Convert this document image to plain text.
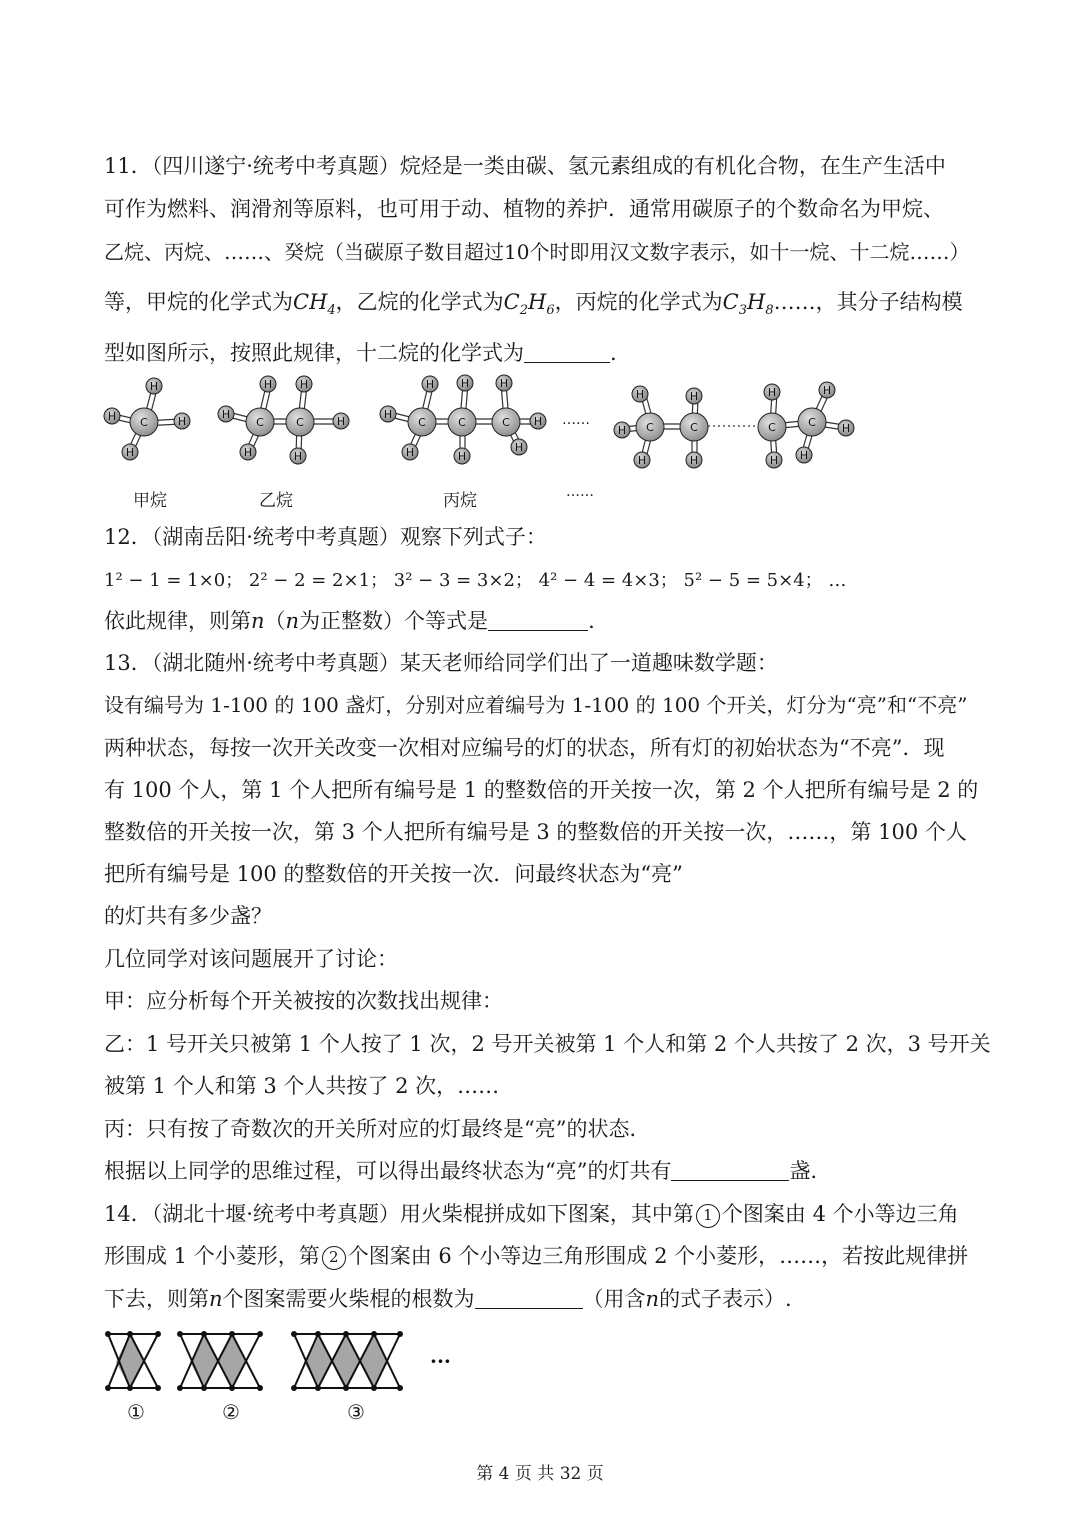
11．（四川遂宁·统考中考真题）烷烃是一类由碳、氢元素组成的有机化合物，在生产生活中

可作为燃料、润滑剂等原料，也可用于动、植物的养护．通常用碳原子的个数命名为甲烷、

乙烷、丙烷、……、癸烷（当碳原子数目超过10个时即用汉文数字表示，如十一烷、十二烷……）

等，甲烷的化学式为$CH_4$，乙烷的化学式为$C_2H_6$，丙烷的化学式为$C_3H_8\dots\dots$，其分子结构模

型如图所示，按照此规律，十二烷的化学式为	.

C
H
H
H
H
C	C
H
H
H
H
H
H
C	C	C
H
H
H
H
H
H
H
H
C	C	C	C
H
H
H
H
H
H
H
H
H
H
……
……
甲烷	乙烷	丙烷

12．（湖南岳阳·统考中考真题）观察下列式子：

1² − 1 = 1×0； 2² − 2 = 2×1； 3² − 3 = 3×2； 4² − 4 = 4×3； 5² − 5 = 5×4； …

依此规律，则第n（n为正整数）个等式是	.

13．（湖北随州·统考中考真题）某天老师给同学们出了一道趣味数学题：

设有编号为 1-100 的 100 盏灯，分别对应着编号为 1-100 的 100 个开关，灯分为“亮”和“不亮”

两种状态，每按一次开关改变一次相对应编号的灯的状态，所有灯的初始状态为“不亮”．现

有 100 个人，第 1 个人把所有编号是 1 的整数倍的开关按一次，第 2 个人把所有编号是 2 的

整数倍的开关按一次，第 3 个人把所有编号是 3 的整数倍的开关按一次，……，第 100 个人

把所有编号是 100 的整数倍的开关按一次．问最终状态为“亮”

的灯共有多少盏？

几位同学对该问题展开了讨论：

甲：应分析每个开关被按的次数找出规律：

乙：1 号开关只被第 1 个人按了 1 次，2 号开关被第 1 个人和第 2 个人共按了 2 次，3 号开关

被第 1 个人和第 3 个人共按了 2 次，……

丙：只有按了奇数次的开关所对应的灯最终是“亮”的状态．

根据以上同学的思维过程，可以得出最终状态为“亮”的灯共有	盏．

14．（湖北十堰·统考中考真题）用火柴棍拼成如下图案，其中第 1 个图案由 4 个小等边三角

形围成 1 个小菱形，第 2 个图案由 6 个小等边三角形围成 2 个小菱形，……，若按此规律拼

下去，则第n个图案需要火柴棍的根数为	（用含n的式子表示）.

···
①	②	③
第 4 页 共 32 页
